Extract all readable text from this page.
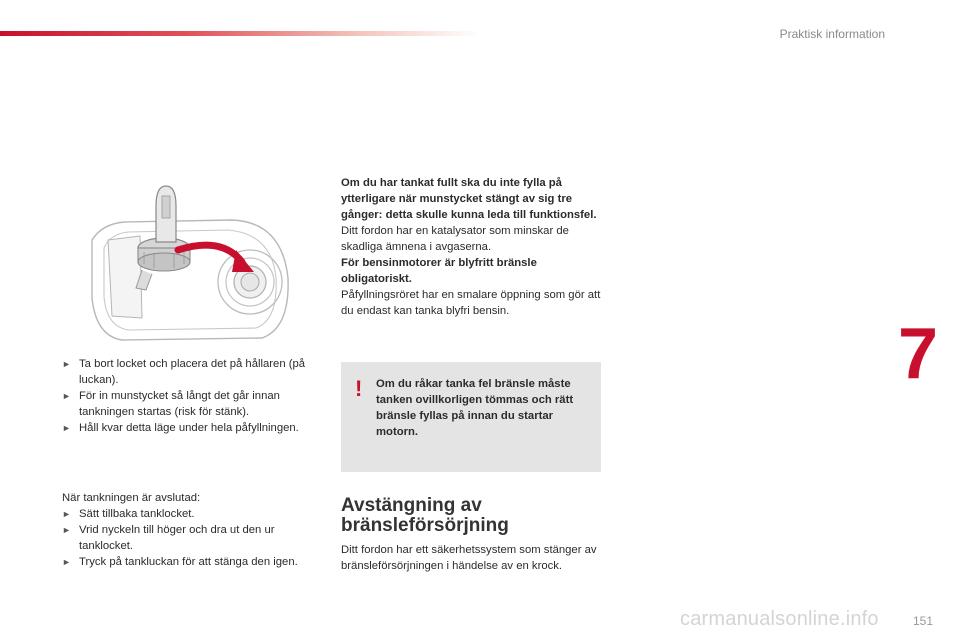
Praktisk information
7
► Ta bort locket och placera det på hållaren (på luckan).
► För in munstycket så långt det går innan tankningen startas (risk för stänk).
► Håll kvar detta läge under hela påfyllningen.
När tankningen är avslutad:
► Sätt tillbaka tanklocket.
► Vrid nyckeln till höger och dra ut den ur tanklocket.
► Tryck på tankluckan för att stänga den igen.
Om du har tankat fullt ska du inte fylla på ytterligare när munstycket stängt av sig tre gånger: detta skulle kunna leda till funktionsfel.
Ditt fordon har en katalysator som minskar de skadliga ämnena i avgaserna.
För bensinmotorer är blyfritt bränsle obligatoriskt.
Påfyllningsröret har en smalare öppning som gör att du endast kan tanka blyfri bensin.
! Om du råkar tanka fel bränsle måste tanken ovillkorligen tömmas och rätt bränsle fyllas på innan du startar motorn.
Avstängning av
bränsleförsörjning
Ditt fordon har ett säkerhetssystem som stänger av bränsleförsörjningen i händelse av en krock.
carmanualsonline.info	151
